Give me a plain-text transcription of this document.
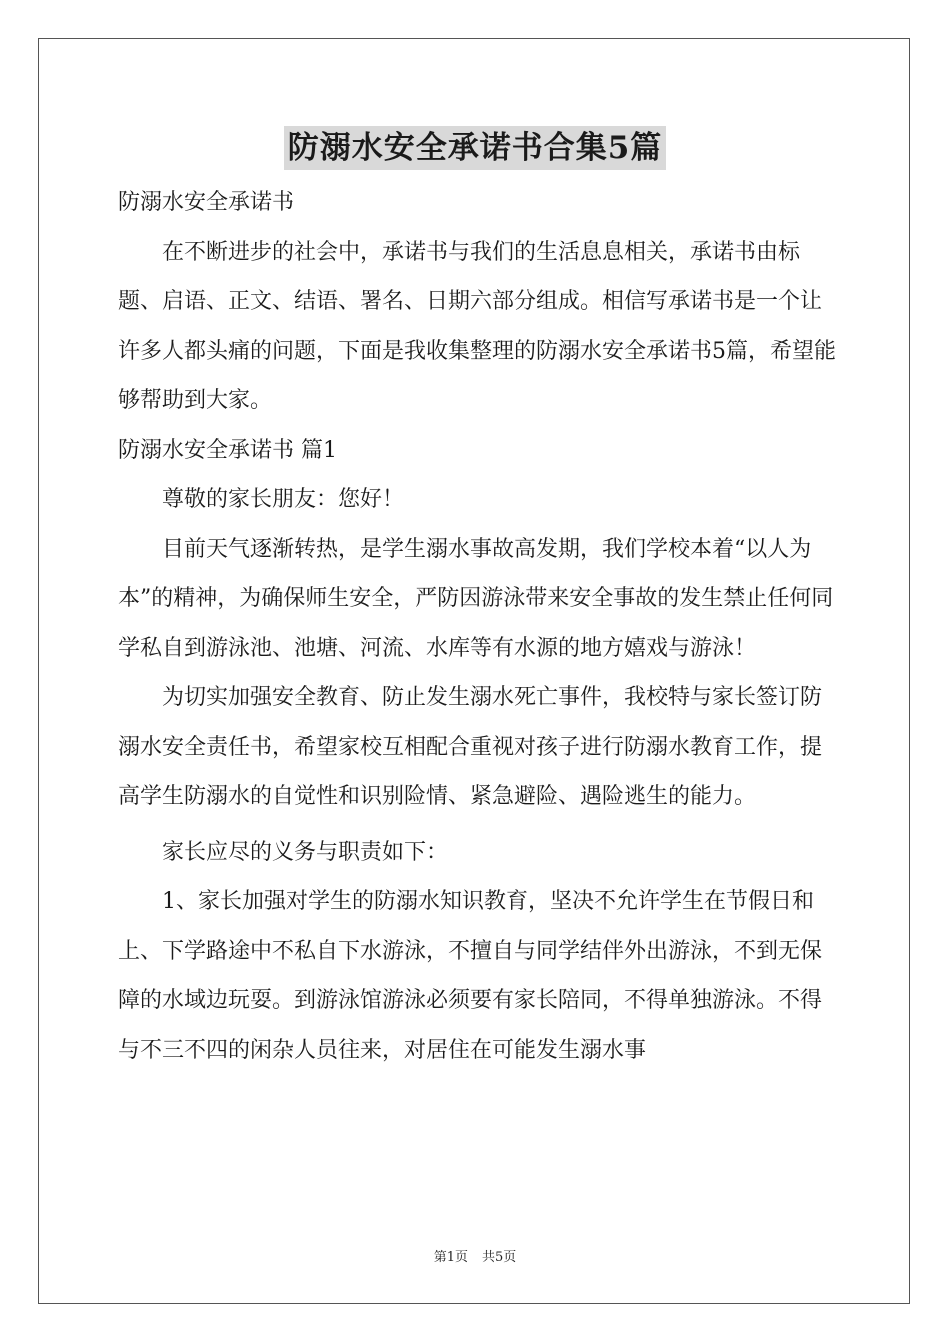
防溺水安全承诺书合集5篇

防溺水安全承诺书

在不断进步的社会中，承诺书与我们的生活息息相关，承诺书由标题、启语、正文、结语、署名、日期六部分组成。相信写承诺书是一个让许多人都头痛的问题，下面是我收集整理的防溺水安全承诺书5篇，希望能够帮助到大家。

防溺水安全承诺书 篇1

尊敬的家长朋友：您好！

目前天气逐渐转热，是学生溺水事故高发期，我们学校本着“以人为本”的精神，为确保师生安全，严防因游泳带来安全事故的发生禁止任何同学私自到游泳池、池塘、河流、水库等有水源的地方嬉戏与游泳！

为切实加强安全教育、防止发生溺水死亡事件，我校特与家长签订防溺水安全责任书，希望家校互相配合重视对孩子进行防溺水教育工作，提高学生防溺水的自觉性和识别险情、紧急避险、遇险逃生的能力。

家长应尽的义务与职责如下：

1、家长加强对学生的防溺水知识教育，坚决不允许学生在节假日和上、下学路途中不私自下水游泳，不擅自与同学结伴外出游泳，不到无保障的水域边玩耍。到游泳馆游泳必须要有家长陪同，不得单独游泳。不得与不三不四的闲杂人员往来，对居住在可能发生溺水事

第1页 共5页
